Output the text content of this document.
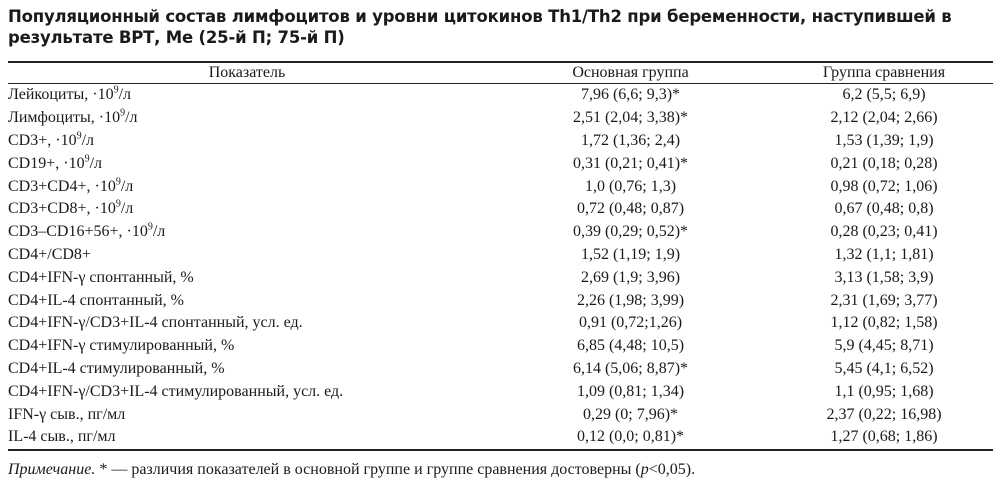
Популяционный состав лимфоцитов и уровни цитокинов Th1/Th2 при беременности, наступившей в результате ВРТ, Me (25-й П; 75-й П)
Показатель	Основная группа	Группа сравнения
Лейкоциты, $\cdot 10^9/л$	7,96 (6,6; 9,3)*	6,2 (5,5; 6,9)
Лимфоциты, $\cdot 10^9/л$	2,51 (2,04; 3,38)*	2,12 (2,04; 2,66)
CD3+, $\cdot 10^9/л$	1,72 (1,36; 2,4)	1,53 (1,39; 1,9)
CD19+, $\cdot 10^9/л$	0,31 (0,21; 0,41)*	0,21 (0,18; 0,28)
CD3+CD4+, $\cdot 10^9/л$	1,0 (0,76; 1,3)	0,98 (0,72; 1,06)
CD3+CD8+, $\cdot 10^9/л$	0,72 (0,48; 0,87)	0,67 (0,48; 0,8)
CD3–CD16+56+, $\cdot 10^9/л$	0,39 (0,29; 0,52)*	0,28 (0,23; 0,41)
CD4+/CD8+	1,52 (1,19; 1,9)	1,32 (1,1; 1,81)
CD4+IFN-γ спонтанный, %	2,69 (1,9; 3,96)	3,13 (1,58; 3,9)
CD4+IL-4 спонтанный, %	2,26 (1,98; 3,99)	2,31 (1,69; 3,77)
CD4+IFN-γ/CD3+IL-4 спонтанный, усл. ед.	0,91 (0,72;1,26)	1,12 (0,82; 1,58)
CD4+IFN-γ стимулированный, %	6,85 (4,48; 10,5)	5,9 (4,45; 8,71)
CD4+IL-4 стимулированный, %	6,14 (5,06; 8,87)*	5,45 (4,1; 6,52)
CD4+IFN-γ/CD3+IL-4 стимулированный, усл. ед.	1,09 (0,81; 1,34)	1,1 (0,95; 1,68)
IFN-γ сыв., пг/мл	0,29 (0; 7,96)*	2,37 (0,22; 16,98)
IL-4 сыв., пг/мл	0,12 (0,0; 0,81)*	1,27 (0,68; 1,86)
Примечание. * — различия показателей в основной группе и группе сравнения достоверны (p<0,05).
